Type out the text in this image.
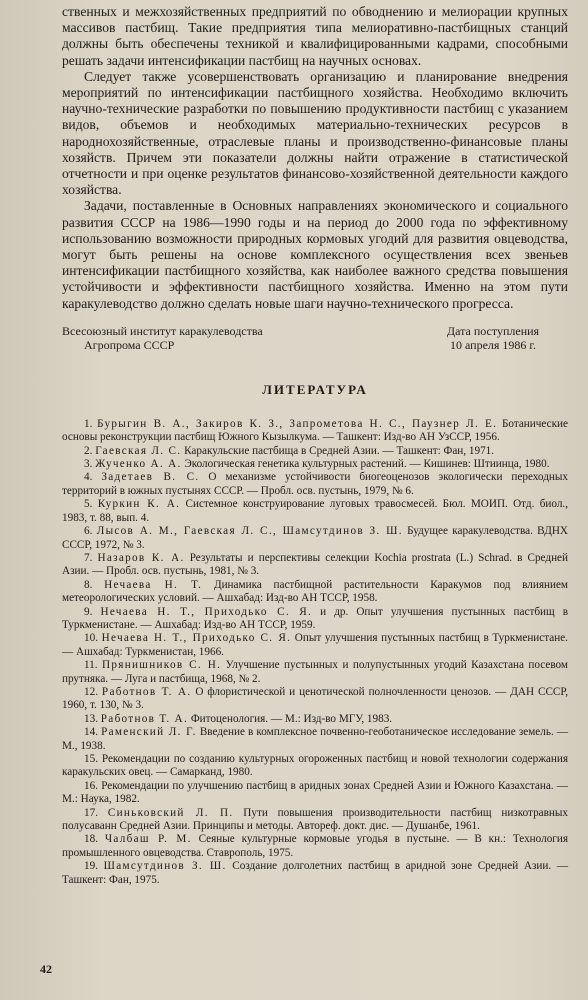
ственных и межхозяйственных предприятий по обводнению и мелиорации крупных массивов пастбищ. Такие предприятия типа мелиоративно-пастбищных станций должны быть обеспечены техникой и квалифицированными кадрами, способными решать задачи интенсификации пастбищ на научных основах.

Следует также усовершенствовать организацию и планирование внедрения мероприятий по интенсификации пастбищного хозяйства. Необходимо включить научно-технические разработки по повышению продуктивности пастбищ с указанием видов, объемов и необходимых материально-технических ресурсов в народнохозяйственные, отраслевые планы и производственно-финансовые планы хозяйств. Причем эти показатели должны найти отражение в статистической отчетности и при оценке результатов финансово-хозяйственной деятельности каждого хозяйства.

Задачи, поставленные в Основных направлениях экономического и социального развития СССР на 1986—1990 годы и на период до 2000 года по эффективному использованию возможности природных кормовых угодий для развития овцеводства, могут быть решены на основе комплексного осуществления всех звеньев интенсификации пастбищного хозяйства, как наиболее важного средства повышения устойчивости и эффективности пастбищного хозяйства. Именно на этом пути каракулеводство должно сделать новые шаги научно-технического прогресса.

Всесоюзный институт каракулеводства
Агропрома СССР
Дата поступления
10 апреля 1986 г.
ЛИТЕРАТУРА

1. Бурыгин В. А., Закиров К. З., Запрометова Н. С., Паузнер Л. Е. Ботанические основы реконструкции пастбищ Южного Кызылкума. — Ташкент: Изд-во АН УзССР, 1956.

2. Гаевская Л. С. Каракульские пастбища в Средней Азии. — Ташкент: Фан, 1971.

3. Жученко А. А. Экологическая генетика культурных растений. — Кишинев: Штиинца, 1980.

4. Задетаев В. С. О механизме устойчивости биогеоценозов экологически переходных территорий в южных пустынях СССР. — Пробл. осв. пустынь, 1979, № 6.

5. Куркин К. А. Системное конструирование луговых травосмесей. Бюл. МОИП. Отд. биол., 1983, т. 88, вып. 4.

6. Лысов А. М., Гаевская Л. С., Шамсутдинов З. Ш. Будущее каракулеводства. ВДНХ СССР, 1972, № 3.

7. Назаров К. А. Результаты и перспективы селекции Kochia prostrata (L.) Schrad. в Средней Азии. — Пробл. осв. пустынь, 1981, № 3.

8. Нечаева Н. Т. Динамика пастбищной растительности Каракумов под влиянием метеорологических условий. — Ашхабад: Изд-во АН ТССР, 1958.

9. Нечаева Н. Т., Приходько С. Я. и др. Опыт улучшения пустынных пастбищ в Туркменистане. — Ашхабад: Изд-во АН ТССР, 1959.

10. Нечаева Н. Т., Приходько С. Я. Опыт улучшения пустынных пастбищ в Туркменистане. — Ашхабад: Туркменистан, 1966.

11. Прянишников С. Н. Улучшение пустынных и полупустынных угодий Казахстана посевом прутняка. — Луга и пастбища, 1968, № 2.

12. Работнов Т. А. О флористической и ценотической полночленности ценозов. — ДАН СССР, 1960, т. 130, № 3.

13. Работнов Т. А. Фитоценология. — М.: Изд-во МГУ, 1983.

14. Раменский Л. Г. Введение в комплексное почвенно-геоботаническое исследование земель. — М., 1938.

15. Рекомендации по созданию культурных огороженных пастбищ и новой технологии содержания каракульских овец. — Самарканд, 1980.

16. Рекомендации по улучшению пастбищ в аридных зонах Средней Азии и Южного Казахстана. — М.: Наука, 1982.

17. Синьковский Л. П. Пути повышения производительности пастбищ низкотравных полусаванн Средней Азии. Принципы и методы. Автореф. докт. дис. — Душанбе, 1961.

18. Чалбаш Р. М. Сеяные культурные кормовые угодья в пустыне. — В кн.: Технология промышленного овцеводства. Ставрополь, 1975.

19. Шамсутдинов З. Ш. Создание долголетних пастбищ в аридной зоне Средней Азии. — Ташкент: Фан, 1975.

42
